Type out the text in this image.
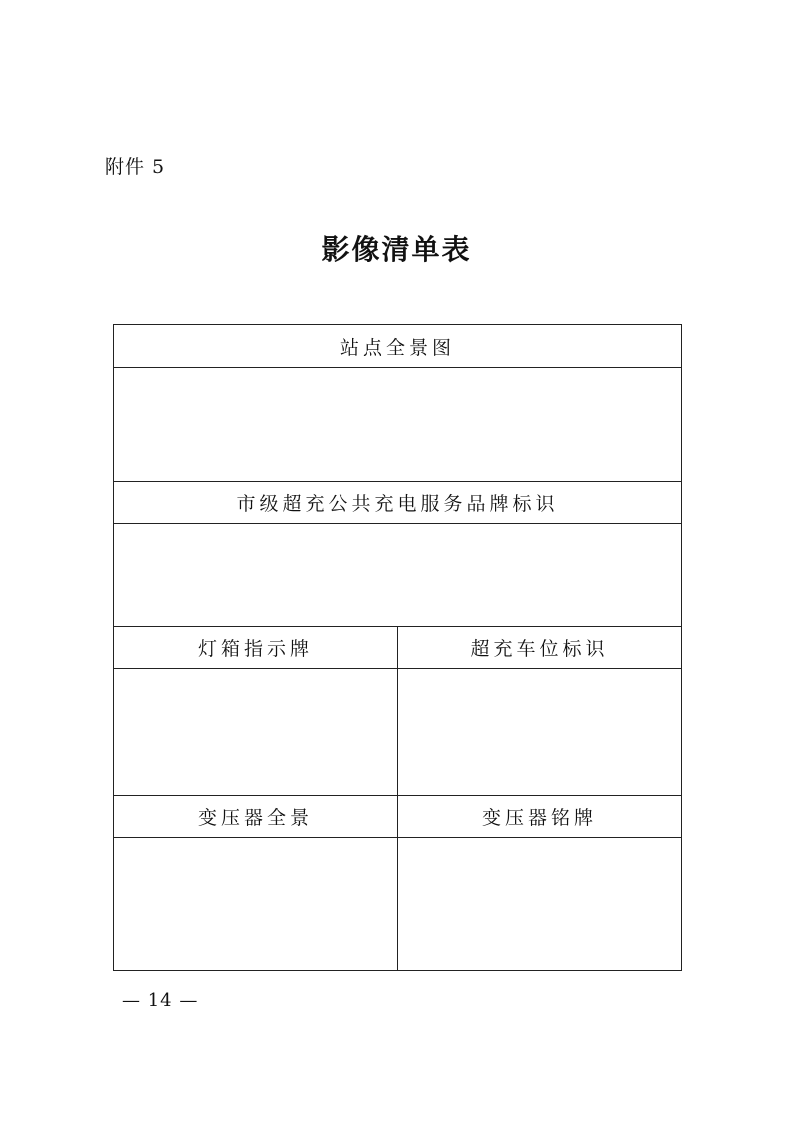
附件 5
影像清单表
站点全景图
市级超充公共充电服务品牌标识
灯箱指示牌	超充车位标识
变压器全景	变压器铭牌
— 14 —
